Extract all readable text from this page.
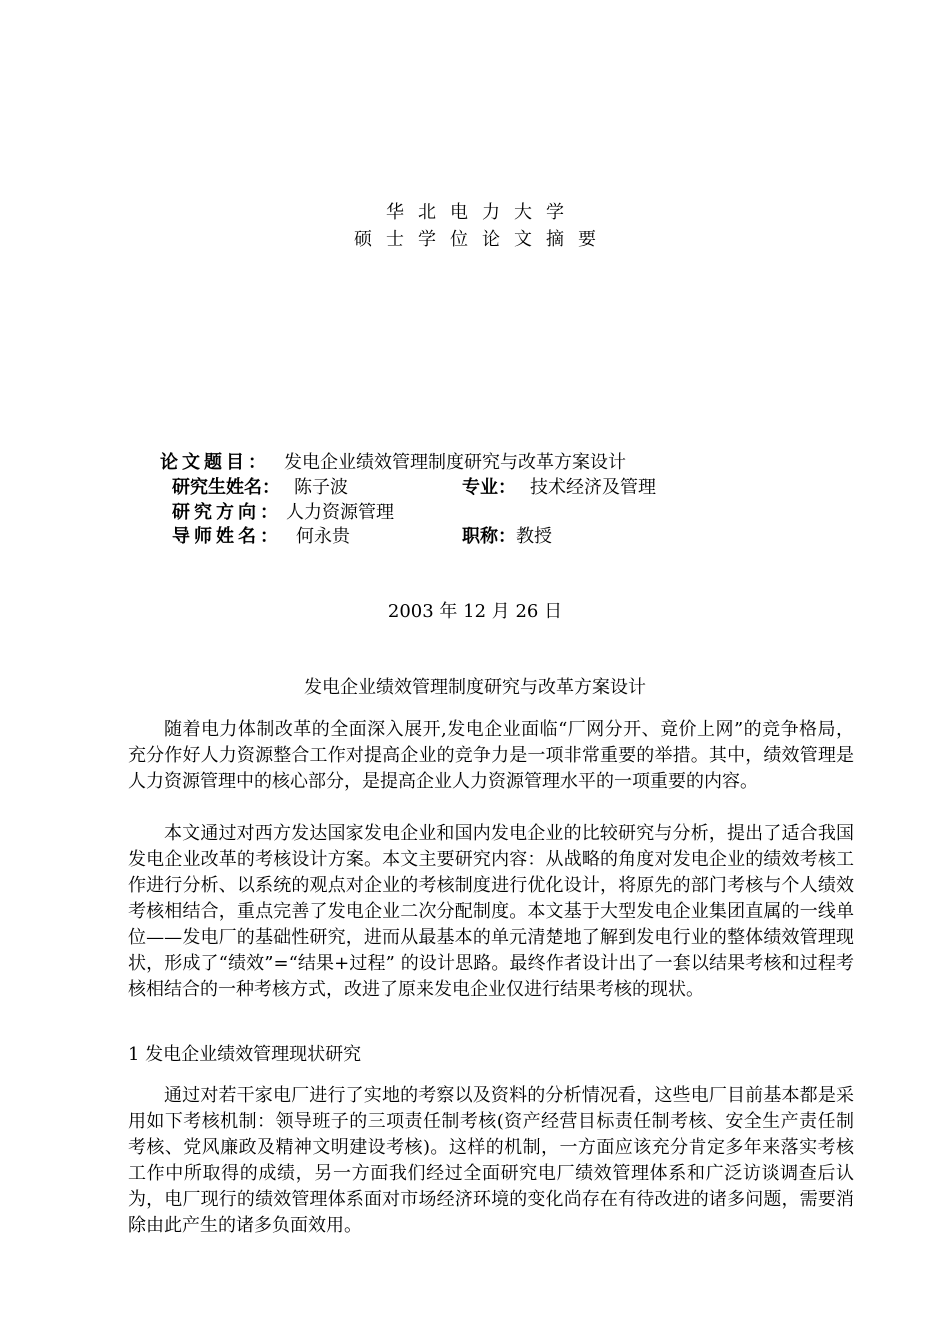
华北电力大学
硕士学位论文摘要
论文题目： 发电企业绩效管理制度研究与改革方案设计
研究生姓名： 陈子波	专业： 技术经济及管理
研究方向： 人力资源管理
导师姓名： 何永贵	职称：教授
2003 年 12 月 26 日
发电企业绩效管理制度研究与改革方案设计
随着电力体制改革的全面深入展开,发电企业面临“厂网分开、竟价上网”的竞争格局，充分作好人力资源整合工作对提高企业的竞争力是一项非常重要的举措。其中，绩效管理是人力资源管理中的核心部分，是提高企业人力资源管理水平的一项重要的内容。
本文通过对西方发达国家发电企业和国内发电企业的比较研究与分析，提出了适合我国发电企业改革的考核设计方案。本文主要研究内容：从战略的角度对发电企业的绩效考核工作进行分析、以系统的观点对企业的考核制度进行优化设计，将原先的部门考核与个人绩效考核相结合，重点完善了发电企业二次分配制度。本文基于大型发电企业集团直属的一线单位——发电厂的基础性研究，进而从最基本的单元清楚地了解到发电行业的整体绩效管理现状，形成了“绩效”=“结果+过程” 的设计思路。最终作者设计出了一套以结果考核和过程考核相结合的一种考核方式，改进了原来发电企业仅进行结果考核的现状。
1 发电企业绩效管理现状研究
通过对若干家电厂进行了实地的考察以及资料的分析情况看，这些电厂目前基本都是采用如下考核机制：领导班子的三项责任制考核(资产经营目标责任制考核、安全生产责任制考核、党风廉政及精神文明建设考核)。这样的机制，一方面应该充分肯定多年来落实考核工作中所取得的成绩，另一方面我们经过全面研究电厂绩效管理体系和广泛访谈调查后认为，电厂现行的绩效管理体系面对市场经济环境的变化尚存在有待改进的诸多问题，需要消除由此产生的诸多负面效用。
